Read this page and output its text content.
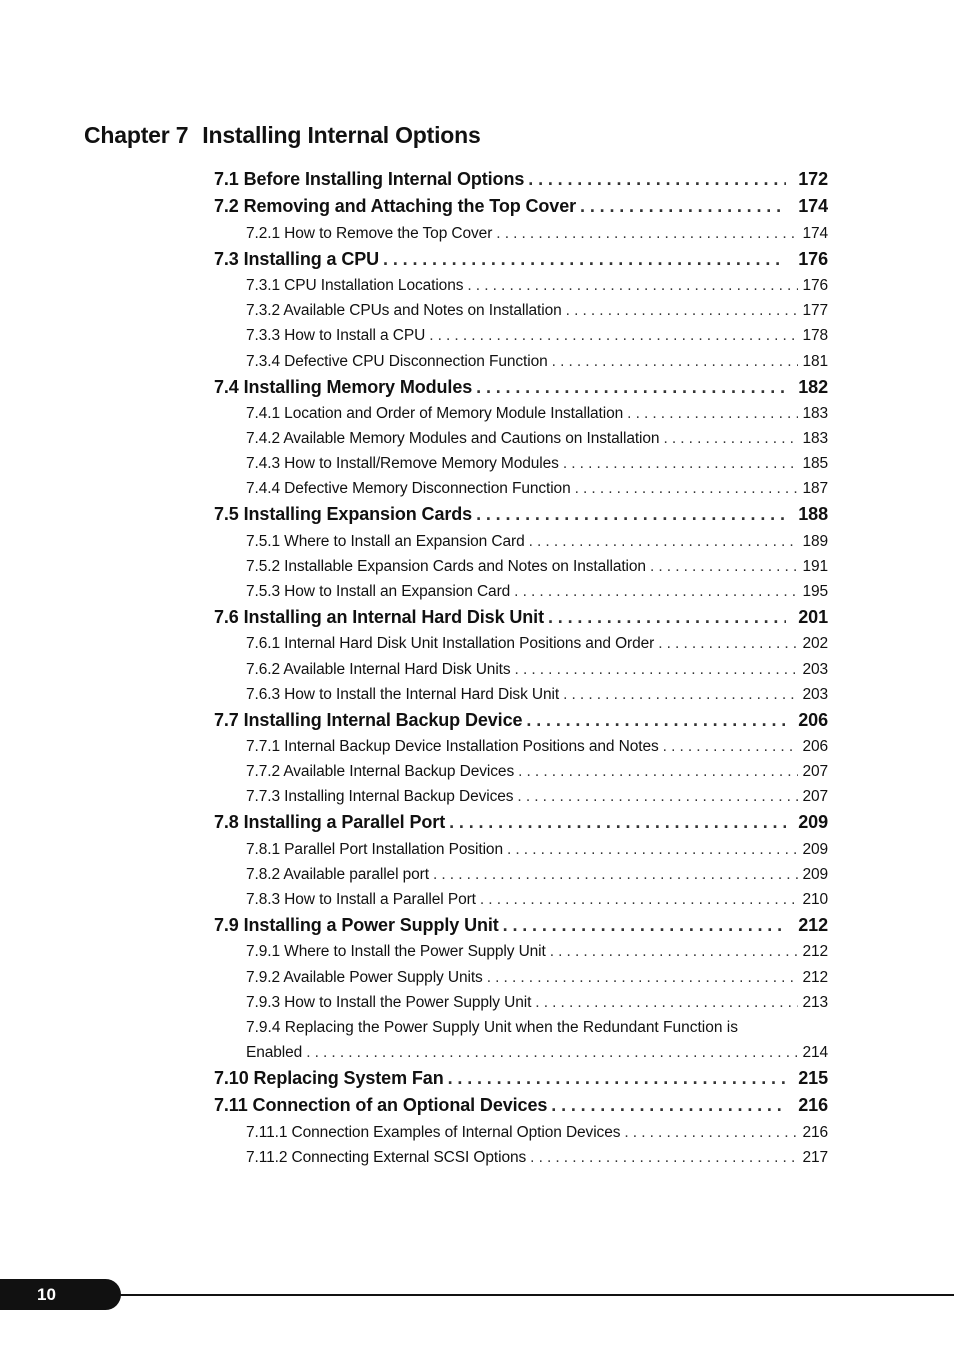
Chapter 7 Installing Internal Options
7.1 Before Installing Internal Options . . .	172
7.2 Removing and Attaching the Top Cover . . .	174
7.2.1 How to Remove the Top Cover . . .	174
7.3 Installing a CPU . . .	176
7.3.1 CPU Installation Locations . . .	176
7.3.2 Available CPUs and Notes on Installation . . .	177
7.3.3 How to Install a CPU . . .	178
7.3.4 Defective CPU Disconnection Function . . .	181
7.4 Installing Memory Modules . . .	182
7.4.1 Location and Order of Memory Module Installation . . .	183
7.4.2 Available Memory Modules and Cautions on Installation . . .	183
7.4.3 How to Install/Remove Memory Modules . . .	185
7.4.4 Defective Memory Disconnection Function . . .	187
7.5 Installing Expansion Cards . . .	188
7.5.1 Where to Install an Expansion Card . . .	189
7.5.2 Installable Expansion Cards and Notes on Installation . . .	191
7.5.3 How to Install an Expansion Card . . .	195
7.6 Installing an Internal Hard Disk Unit . . .	201
7.6.1 Internal Hard Disk Unit Installation Positions and Order . . .	202
7.6.2 Available Internal Hard Disk Units . . .	203
7.6.3 How to Install the Internal Hard Disk Unit . . .	203
7.7 Installing Internal Backup Device . . .	206
7.7.1 Internal Backup Device Installation Positions and Notes . . .	206
7.7.2 Available Internal Backup Devices . . .	207
7.7.3 Installing Internal Backup Devices . . .	207
7.8 Installing a Parallel Port . . .	209
7.8.1 Parallel Port Installation Position . . .	209
7.8.2 Available parallel port . . .	209
7.8.3 How to Install a Parallel Port . . .	210
7.9 Installing a Power Supply Unit . . .	212
7.9.1 Where to Install the Power Supply Unit . . .	212
7.9.2 Available Power Supply Units . . .	212
7.9.3 How to Install the Power Supply Unit . . .	213
7.9.4 Replacing the Power Supply Unit when the Redundant Function is
Enabled . . .	214
7.10 Replacing System Fan . . .	215
7.11 Connection of an Optional Devices . . .	216
7.11.1 Connection Examples of Internal Option Devices . . .	216
7.11.2 Connecting External SCSI Options . . .	217
10
